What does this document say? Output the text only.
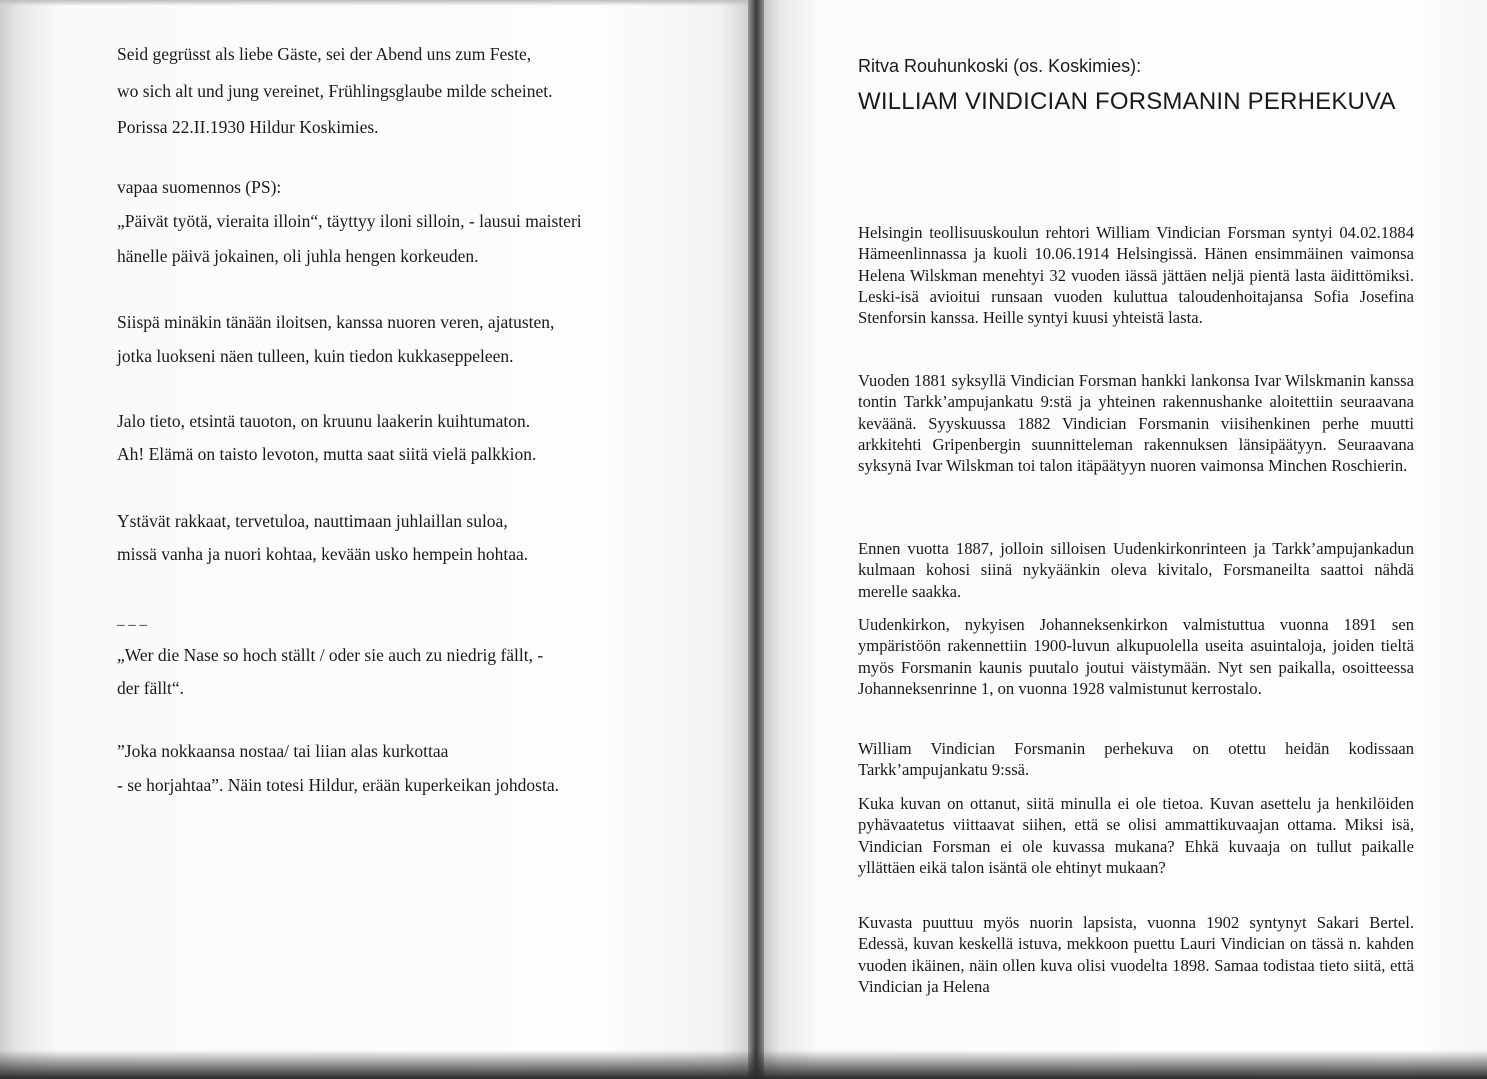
Seid gegrüsst als liebe Gäste, sei der Abend uns zum Feste,
wo sich alt und jung vereinet, Frühlingsglaube milde scheinet.
Porissa 22.II.1930 Hildur Koskimies.
vapaa suomennos (PS):
„Päivät työtä, vieraita illoin“, täyttyy iloni silloin, - lausui maisteri
hänelle päivä jokainen, oli juhla hengen korkeuden.
Siispä minäkin tänään iloitsen, kanssa nuoren veren, ajatusten,
jotka luokseni näen tulleen, kuin tiedon kukkaseppeleen.
Jalo tieto, etsintä tauoton, on kruunu laakerin kuihtumaton.
Ah! Elämä on taisto levoton, mutta saat siitä vielä palkkion.
Ystävät rakkaat, tervetuloa, nauttimaan juhlaillan suloa,
missä vanha ja nuori kohtaa, kevään usko hempein hohtaa.
_ _ _
„Wer die Nase so hoch ställt / oder sie auch zu niedrig fällt, -
der fällt“.
”Joka nokkaansa nostaa/ tai liian alas kurkottaa
- se horjahtaa”. Näin totesi Hildur, erään kuperkeikan johdosta.
Ritva Rouhunkoski (os. Koskimies):
WILLIAM VINDICIAN FORSMANIN PERHEKUVA
Helsingin teollisuuskoulun rehtori William Vindician Forsman syntyi 04.02.1884 Hämeenlinnassa ja kuoli 10.06.1914 Helsingissä. Hänen ensimmäinen vaimonsa Helena Wilskman menehtyi 32 vuoden iässä jättäen neljä pientä lasta äidittömiksi. Leski-isä avioitui runsaan vuoden kuluttua taloudenhoitajansa Sofia Josefina Stenforsin kanssa. Heille syntyi kuusi yhteistä lasta.
Vuoden 1881 syksyllä Vindician Forsman hankki lankonsa Ivar Wilskmanin kanssa tontin Tarkk’ampujankatu 9:stä ja yhteinen rakennushanke aloitettiin seuraavana keväänä. Syyskuussa 1882 Vindician Forsmanin viisihenkinen perhe muutti arkkitehti Gripenbergin suunnitteleman rakennuksen länsipäätyyn. Seuraavana syksynä Ivar Wilskman toi talon itäpäätyyn nuoren vaimonsa Minchen Roschierin.
Ennen vuotta 1887, jolloin silloisen Uudenkirkonrinteen ja Tarkk’ampujankadun kulmaan kohosi siinä nykyäänkin oleva kivitalo, Forsmaneilta saattoi nähdä merelle saakka.
Uudenkirkon, nykyisen Johanneksenkirkon valmistuttua vuonna 1891 sen ympäristöön rakennettiin 1900-luvun alkupuolella useita asuintaloja, joiden tieltä myös Forsmanin kaunis puutalo joutui väistymään. Nyt sen paikalla, osoitteessa Johanneksenrinne 1, on vuonna 1928 valmistunut kerrostalo.
William Vindician Forsmanin perhekuva on otettu heidän kodissaan Tarkk’ampujankatu 9:ssä.
Kuka kuvan on ottanut, siitä minulla ei ole tietoa. Kuvan asettelu ja henkilöiden pyhävaatetus viittaavat siihen, että se olisi ammattikuvaajan ottama. Miksi isä, Vindician Forsman ei ole kuvassa mukana? Ehkä kuvaaja on tullut paikalle yllättäen eikä talon isäntä ole ehtinyt mukaan?
Kuvasta puuttuu myös nuorin lapsista, vuonna 1902 syntynyt Sakari Bertel. Edessä, kuvan keskellä istuva, mekkoon puettu Lauri Vindician on tässä n. kahden vuoden ikäinen, näin ollen kuva olisi vuodelta 1898. Samaa todistaa tieto siitä, että Vindician ja Helena
